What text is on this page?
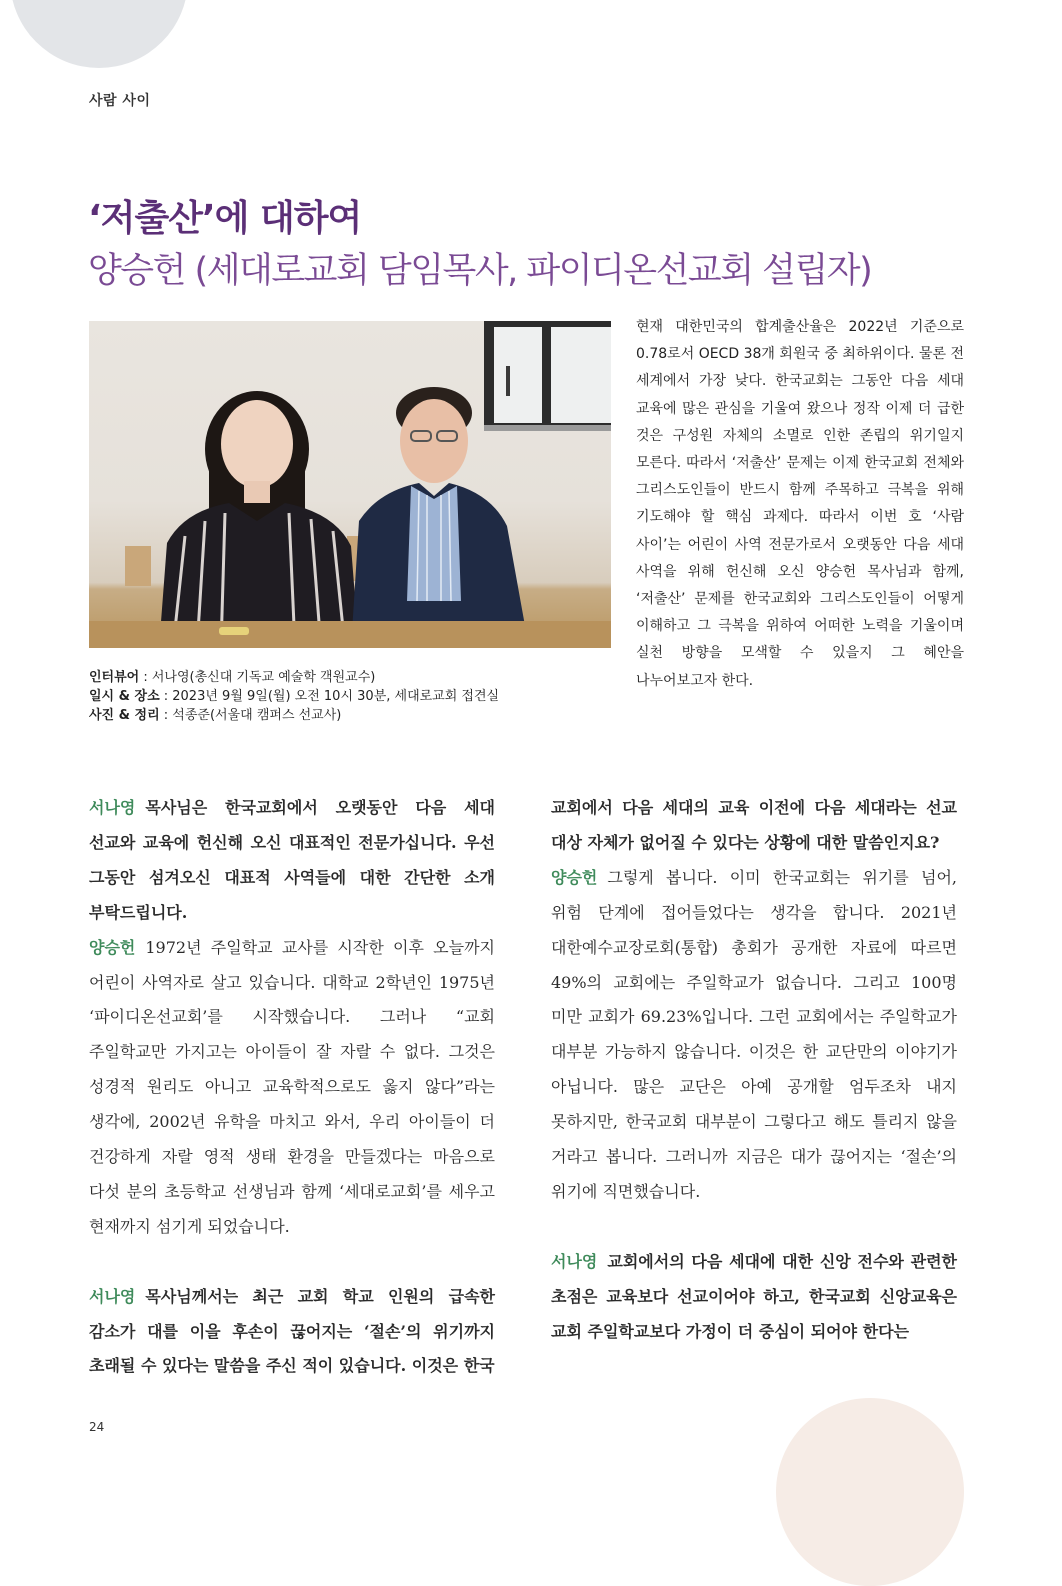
사람 사이
‘저출산’에 대하여
양승헌 (세대로교회 담임목사, 파이디온선교회 설립자)
현재 대한민국의 합계출산율은 2022년 기준으로 0.78로서 OECD 38개 회원국 중 최하위이다. 물론 전 세계에서 가장 낮다. 한국교회는 그동안 다음 세대 교육에 많은 관심을 기울여 왔으나 정작 이제 더 급한 것은 구성원 자체의 소멸로 인한 존립의 위기일지 모른다. 따라서 ‘저출산’ 문제는 이제 한국교회 전체와 그리스도인들이 반드시 함께 주목하고 극복을 위해 기도해야 할 핵심 과제다. 따라서 이번 호 ‘사람 사이’는 어린이 사역 전문가로서 오랫동안 다음 세대 사역을 위해 헌신해 오신 양승헌 목사님과 함께, ‘저출산’ 문제를 한국교회와 그리스도인들이 어떻게 이해하고 그 극복을 위하여 어떠한 노력을 기울이며 실천 방향을 모색할 수 있을지 그 혜안을 나누어보고자 한다.
인터뷰어 : 서나영(총신대 기독교 예술학 객원교수)
일시 & 장소 : 2023년 9월 9일(월) 오전 10시 30분, 세대로교회 접견실
사진 & 정리 : 석종준(서울대 캠퍼스 선교사)

서나영 목사님은 한국교회에서 오랫동안 다음 세대 선교와 교육에 헌신해 오신 대표적인 전문가십니다. 우선 그동안 섬겨오신 대표적 사역들에 대한 간단한 소개 부탁드립니다.

양승헌 1972년 주일학교 교사를 시작한 이후 오늘까지 어린이 사역자로 살고 있습니다. 대학교 2학년인 1975년 ‘파이디온선교회’를 시작했습니다. 그러나 “교회 주일학교만 가지고는 아이들이 잘 자랄 수 없다. 그것은 성경적 원리도 아니고 교육학적으로도 옳지 않다”라는 생각에, 2002년 유학을 마치고 와서, 우리 아이들이 더 건강하게 자랄 영적 생태 환경을 만들겠다는 마음으로 다섯 분의 초등학교 선생님과 함께 ‘세대로교회’를 세우고 현재까지 섬기게 되었습니다.

서나영 목사님께서는 최근 교회 학교 인원의 급속한 감소가 대를 이을 후손이 끊어지는 ‘절손’의 위기까지 초래될 수 있다는 말씀을 주신 적이 있습니다. 이것은 한국

교회에서 다음 세대의 교육 이전에 다음 세대라는 선교 대상 자체가 없어질 수 있다는 상황에 대한 말씀인지요?

양승헌 그렇게 봅니다. 이미 한국교회는 위기를 넘어, 위험 단계에 접어들었다는 생각을 합니다. 2021년 대한예수교장로회(통합) 총회가 공개한 자료에 따르면 49%의 교회에는 주일학교가 없습니다. 그리고 100명 미만 교회가 69.23%입니다. 그런 교회에서는 주일학교가 대부분 가능하지 않습니다. 이것은 한 교단만의 이야기가 아닙니다. 많은 교단은 아예 공개할 엄두조차 내지 못하지만, 한국교회 대부분이 그렇다고 해도 틀리지 않을 거라고 봅니다. 그러니까 지금은 대가 끊어지는 ‘절손’의 위기에 직면했습니다.

서나영 교회에서의 다음 세대에 대한 신앙 전수와 관련한 초점은 교육보다 선교이어야 하고, 한국교회 신앙교육은 교회 주일학교보다 가정이 더 중심이 되어야 한다는

24
